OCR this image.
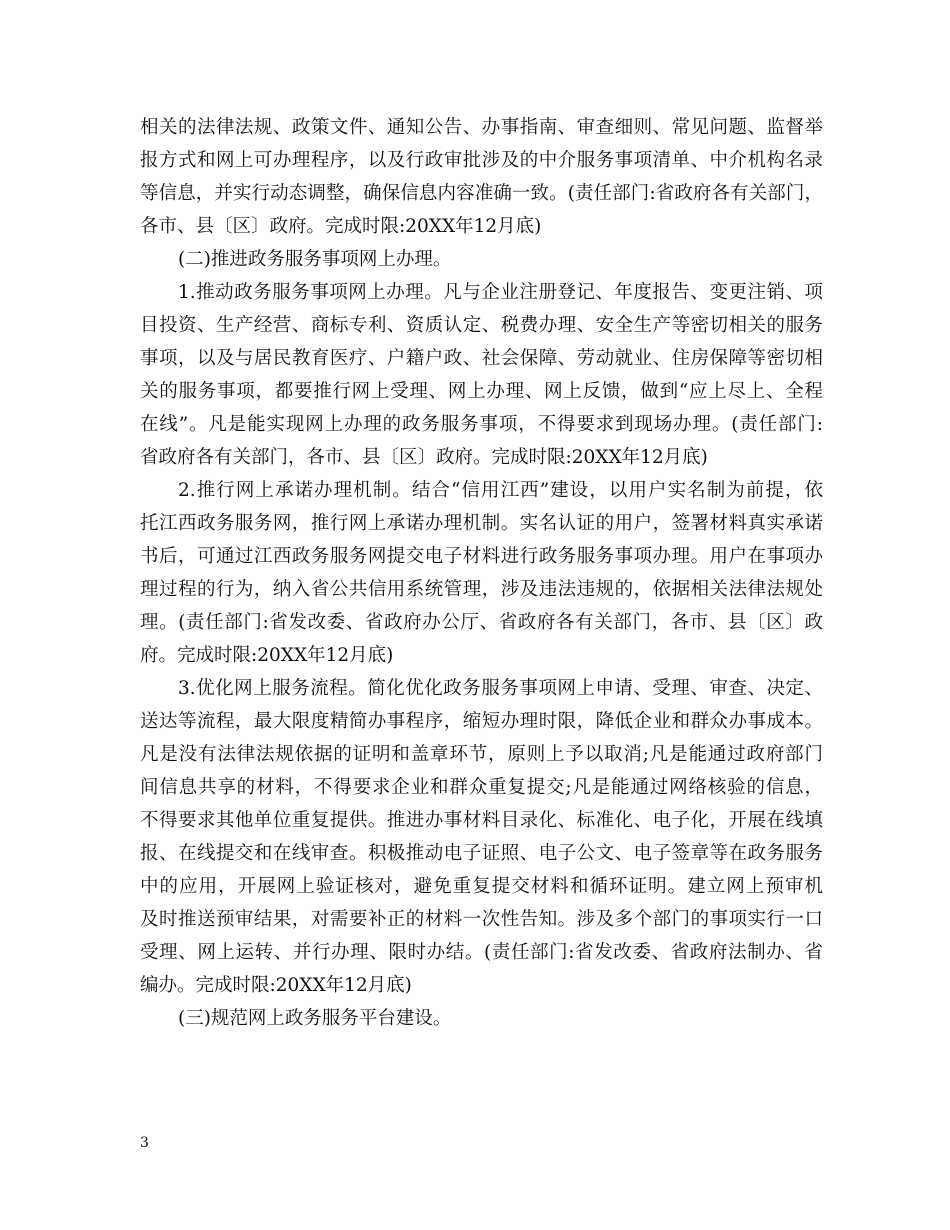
相关的法律法规、政策文件、通知公告、办事指南、审查细则、常见问题、监督举
报方式和网上可办理程序，以及行政审批涉及的中介服务事项清单、中介机构名录
等信息，并实行动态调整，确保信息内容准确一致。(责任部门:省政府各有关部门，
各市、县〔区〕政府。完成时限:20XX年12月底)
(二)推进政务服务事项网上办理。
1.推动政务服务事项网上办理。凡与企业注册登记、年度报告、变更注销、项
目投资、生产经营、商标专利、资质认定、税费办理、安全生产等密切相关的服务
事项，以及与居民教育医疗、户籍户政、社会保障、劳动就业、住房保障等密切相
关的服务事项，都要推行网上受理、网上办理、网上反馈，做到“应上尽上、全程
在线”。凡是能实现网上办理的政务服务事项，不得要求到现场办理。(责任部门:
省政府各有关部门，各市、县〔区〕政府。完成时限:20XX年12月底)
2.推行网上承诺办理机制。结合“信用江西”建设，以用户实名制为前提，依
托江西政务服务网，推行网上承诺办理机制。实名认证的用户，签署材料真实承诺
书后，可通过江西政务服务网提交电子材料进行政务服务事项办理。用户在事项办
理过程的行为，纳入省公共信用系统管理，涉及违法违规的，依据相关法律法规处
理。(责任部门:省发改委、省政府办公厅、省政府各有关部门，各市、县〔区〕政
府。完成时限:20XX年12月底)
3.优化网上服务流程。简化优化政务服务事项网上申请、受理、审查、决定、
送达等流程，最大限度精简办事程序，缩短办理时限，降低企业和群众办事成本。
凡是没有法律法规依据的证明和盖章环节，原则上予以取消;凡是能通过政府部门
间信息共享的材料，不得要求企业和群众重复提交;凡是能通过网络核验的信息，
不得要求其他单位重复提供。推进办事材料目录化、标准化、电子化，开展在线填
报、在线提交和在线审查。积极推动电子证照、电子公文、电子签章等在政务服务
中的应用，开展网上验证核对，避免重复提交材料和循环证明。建立网上预审机
及时推送预审结果，对需要补正的材料一次性告知。涉及多个部门的事项实行一口
受理、网上运转、并行办理、限时办结。(责任部门:省发改委、省政府法制办、省
编办。完成时限:20XX年12月底)
(三)规范网上政务服务平台建设。
3
